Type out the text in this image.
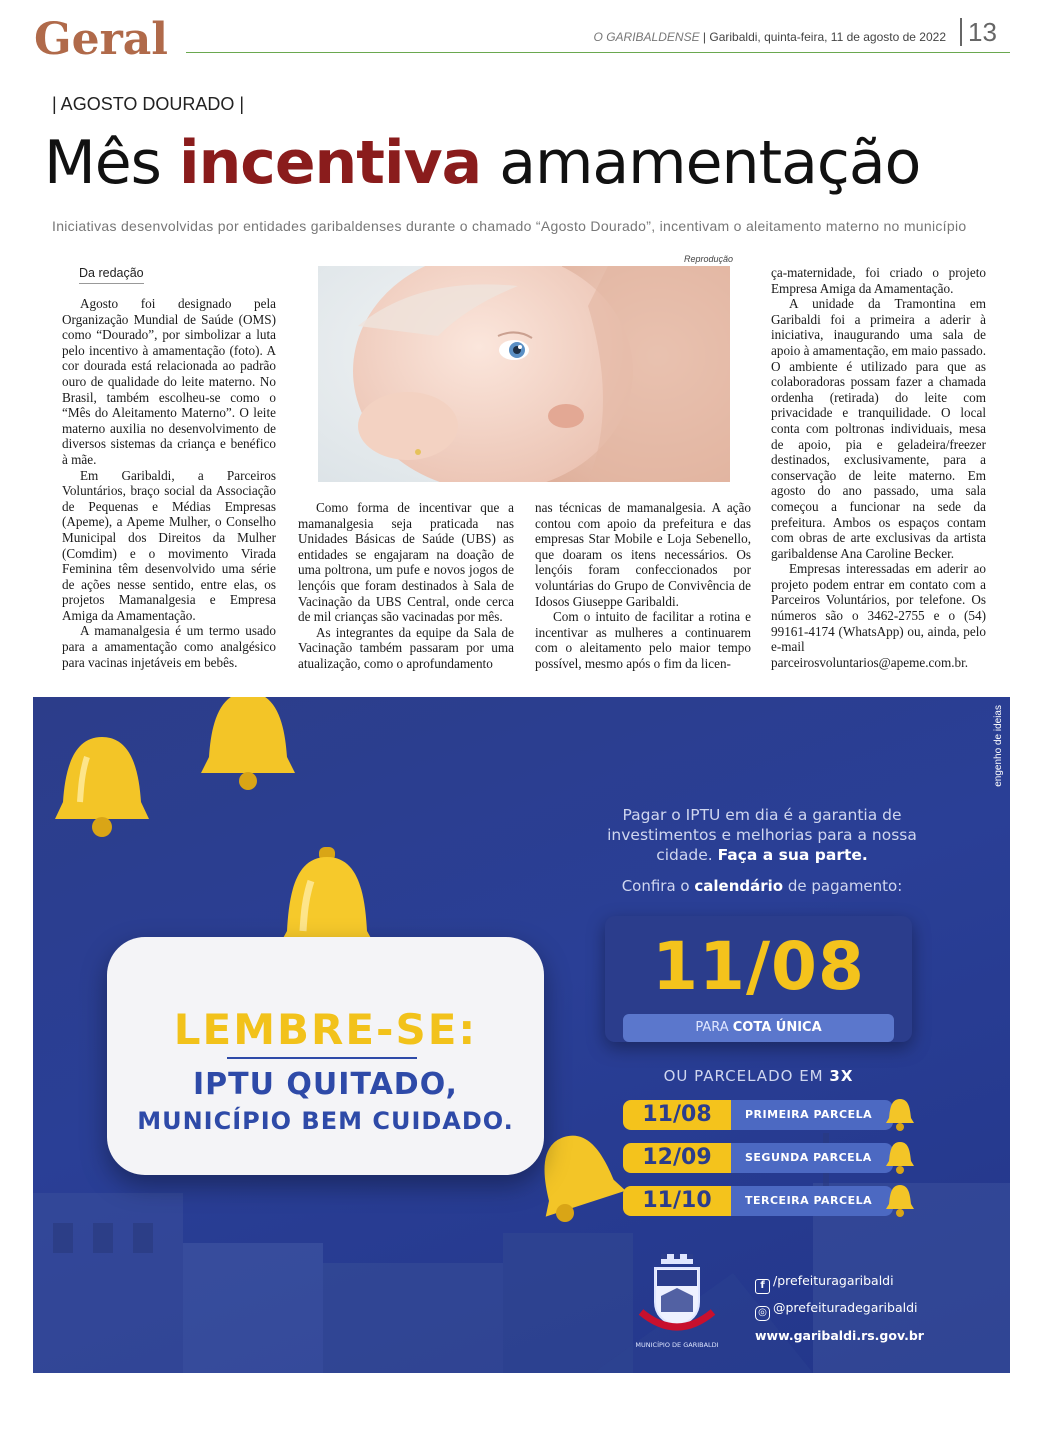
Geral	O GARIBALDENSE | Garibaldi, quinta-feira, 11 de agosto de 2022 13
| AGOSTO DOURADO |
Mês incentiva amamentação
Iniciativas desenvolvidas por entidades garibaldenses durante o chamado “Agosto Dourado”, incentivam o aleitamento materno no município
Da redação
Reprodução

Agosto foi designado pela Organização Mundial de Saúde (OMS) como “Dourado”, por simbolizar a luta pelo incentivo à amamentação (foto). A cor dourada está relacionada ao padrão ouro de qualidade do leite materno. No Brasil, também escolheu-se como o “Mês do Aleitamento Materno”. O leite materno auxilia no desenvolvimento de diversos sistemas da criança e benéfico à mãe.

Em Garibaldi, a Parceiros Voluntários, braço social da Associação de Pequenas e Médias Empresas (Apeme), a Apeme Mulher, o Conselho Municipal dos Direitos da Mulher (Comdim) e o movimento Virada Feminina têm desenvolvido uma série de ações nesse sentido, entre elas, os projetos Mamanalgesia e Empresa Amiga da Amamentação.

A mamanalgesia é um termo usado para a amamentação como analgésico para vacinas injetáveis em bebês.

Como forma de incentivar que a mamanalgesia seja praticada nas Unidades Básicas de Saúde (UBS) as entidades se engajaram na doação de uma poltrona, um pufe e novos jogos de lençóis que foram destinados à Sala de Vacinação da UBS Central, onde cerca de mil crianças são vacinadas por mês.

As integrantes da equipe da Sala de Vacinação também passaram por uma atualização, como o aprofundamento

nas técnicas de mamanalgesia. A ação contou com apoio da prefeitura e das empresas Star Mobile e Loja Sebenello, que doaram os itens necessários. Os lençóis foram confeccionados por voluntárias do Grupo de Convivência de Idosos Giuseppe Garibaldi.

Com o intuito de facilitar a rotina e incentivar as mulheres a continuarem com o aleitamento pelo maior tempo possível, mesmo após o fim da licen-

ça-maternidade, foi criado o projeto Empresa Amiga da Amamentação.

A unidade da Tramontina em Garibaldi foi a primeira a aderir à iniciativa, inaugurando uma sala de apoio à amamentação, em maio passado. O ambiente é utilizado para que as colaboradoras possam fazer a chamada ordenha (retirada) do leite com privacidade e tranquilidade. O local conta com poltronas individuais, mesa de apoio, pia e geladeira/freezer destinados, exclusivamente, para a conservação de leite materno. Em agosto do ano passado, uma sala começou a funcionar na sede da prefeitura. Ambos os espaços contam com obras de arte exclusivas da artista garibaldense Ana Caroline Becker.

Empresas interessadas em aderir ao projeto podem entrar em contato com a Parceiros Voluntários, por telefone. Os números são o 3462-2755 e o (54) 99161-4174 (WhatsApp) ou, ainda, pelo e-mail parceirosvoluntarios@apeme.com.br.

engenho de ideias
LEMBRE-SE:
IPTU QUITADO,
MUNICÍPIO BEM CUIDADO.
Pagar o IPTU em dia é a garantia de investimentos e melhorias para a nossa cidade. Faça a sua parte.
Confira o calendário de pagamento:
11/08
PARA COTA ÚNICA
OU PARCELADO EM 3X
11/08	PRIMEIRA PARCELA
12/09	SEGUNDA PARCELA
11/10	TERCEIRA PARCELA
MUNICÍPIO DE GARIBALDI
f /prefeituragaribaldi
◎ @prefeituradegaribaldi
www.garibaldi.rs.gov.br
